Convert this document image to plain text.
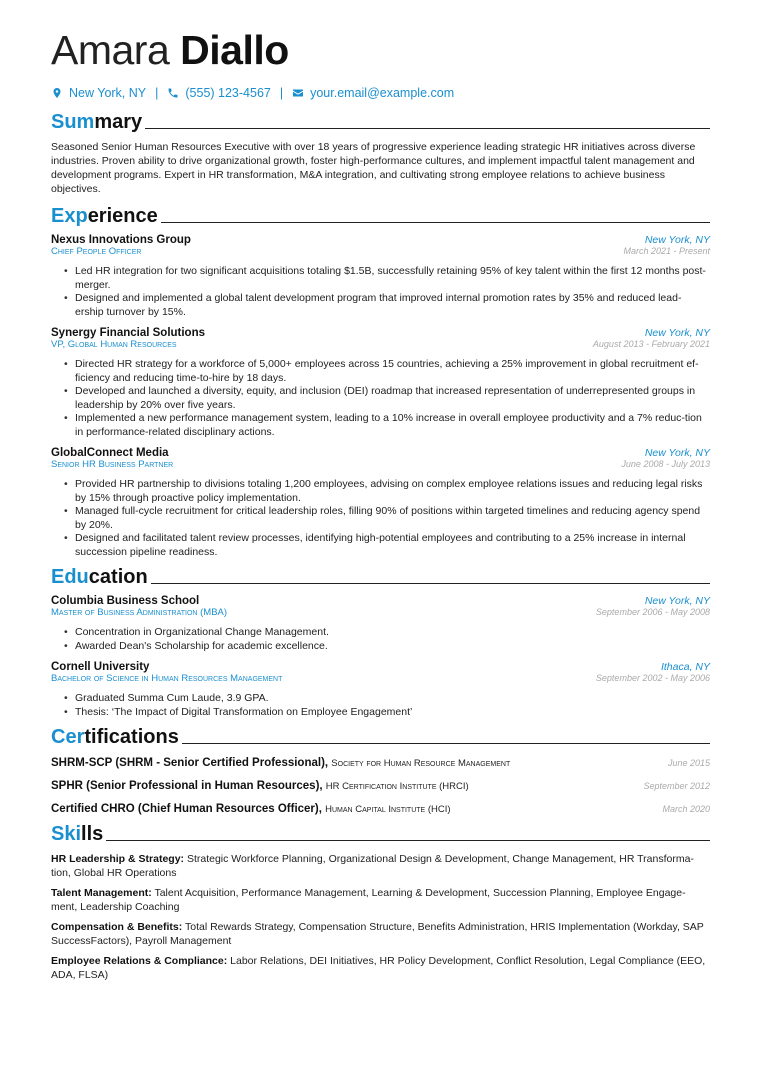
Amara Diallo
New York, NY | (555) 123-4567 | your.email@example.com
Summary
Seasoned Senior Human Resources Executive with over 18 years of progressive experience leading strategic HR initiatives across diverse industries. Proven ability to drive organizational growth, foster high-performance cultures, and implement impactful talent management and development programs. Expert in HR transformation, M&A integration, and cultivating strong employee relations to achieve business objectives.
Experience
Nexus Innovations Group	New York, NY
Chief People Officer	March 2021 - Present
• Led HR integration for two significant acquisitions totaling $1.5B, successfully retaining 95% of key talent within the first 12 months post-merger.
• Designed and implemented a global talent development program that improved internal promotion rates by 35% and reduced lead-ership turnover by 15%.
Synergy Financial Solutions	New York, NY
VP, Global Human Resources	August 2013 - February 2021
• Directed HR strategy for a workforce of 5,000+ employees across 15 countries, achieving a 25% improvement in global recruitment ef-ficiency and reducing time-to-hire by 18 days.
• Developed and launched a diversity, equity, and inclusion (DEI) roadmap that increased representation of underrepresented groups in leadership by 20% over five years.
• Implemented a new performance management system, leading to a 10% increase in overall employee productivity and a 7% reduc-tion in performance-related disciplinary actions.
GlobalConnect Media	New York, NY
Senior HR Business Partner	June 2008 - July 2013
• Provided HR partnership to divisions totaling 1,200 employees, advising on complex employee relations issues and reducing legal risks by 15% through proactive policy implementation.
• Managed full-cycle recruitment for critical leadership roles, filling 90% of positions within targeted timelines and reducing agency spend by 20%.
• Designed and facilitated talent review processes, identifying high-potential employees and contributing to a 25% increase in internal succession pipeline readiness.
Education
Columbia Business School	New York, NY
Master of Business Administration (MBA)	September 2006 - May 2008
• Concentration in Organizational Change Management.
• Awarded Dean's Scholarship for academic excellence.
Cornell University	Ithaca, NY
Bachelor of Science in Human Resources Management	September 2002 - May 2006
• Graduated Summa Cum Laude, 3.9 GPA.
• Thesis: ‘The Impact of Digital Transformation on Employee Engagement’
Certifications
SHRM-SCP (SHRM - Senior Certified Professional), Society for Human Resource Management	June 2015
SPHR (Senior Professional in Human Resources), HR Certification Institute (HRCI)	September 2012
Certified CHRO (Chief Human Resources Officer), Human Capital Institute (HCI)	March 2020
Skills
HR Leadership & Strategy: Strategic Workforce Planning, Organizational Design & Development, Change Management, HR Transforma-tion, Global HR Operations
Talent Management: Talent Acquisition, Performance Management, Learning & Development, Succession Planning, Employee Engage-ment, Leadership Coaching
Compensation & Benefits: Total Rewards Strategy, Compensation Structure, Benefits Administration, HRIS Implementation (Workday, SAP SuccessFactors), Payroll Management
Employee Relations & Compliance: Labor Relations, DEI Initiatives, HR Policy Development, Conflict Resolution, Legal Compliance (EEO, ADA, FLSA)
